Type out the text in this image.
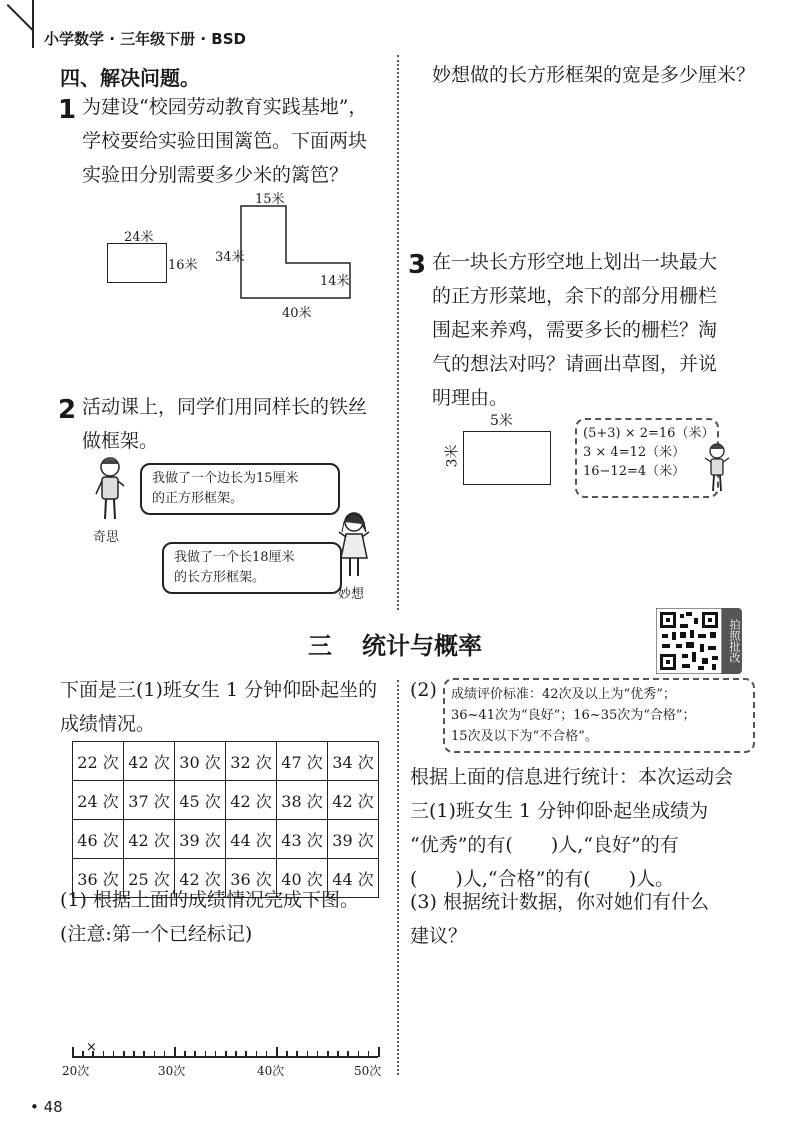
小学数学 · 三年级下册 · BSD
四、解决问题。
1 为建设“校园劳动教育实践基地”，
学校要给实验田围篱笆。下面两块
实验田分别需要多少米的篱笆？
24米
16米
15米
34米
14米
40米
2 活动课上，同学们用同样长的铁丝
做框架。
奇思
我做了一个边长为15厘米
的正方形框架。
我做了一个长18厘米
的长方形框架。
妙想
妙想做的长方形框架的宽是多少厘米？
3 在一块长方形空地上划出一块最大
的正方形菜地，余下的部分用栅栏
围起来养鸡，需要多长的栅栏？淘
气的想法对吗？请画出草图，并说
明理由。
5米
3米
(5+3) × 2=16（米）
3 × 4=12（米）
16−12=4（米）
三 统计与概率	拍照批改
下面是三(1)班女生 1 分钟仰卧起坐的
成绩情况。
22 次	42 次	30 次	32 次	47 次	34 次
24 次	37 次	45 次	42 次	38 次	42 次
46 次	42 次	39 次	44 次	43 次	39 次
36 次	25 次	42 次	36 次	40 次	44 次
(1) 根据上面的成绩情况完成下图。
(注意:第一个已经标记)
×
20次	30次	40次	50次
(2) 成绩评价标准：42次及以上为“优秀”；
36~41次为“良好”；16~35次为“合格”；
15次及以下为“不合格”。
根据上面的信息进行统计：本次运动会
三(1)班女生 1 分钟仰卧起坐成绩为
“优秀”的有(　　)人,“良好”的有
(　　)人,“合格”的有(　　)人。
(3) 根据统计数据，你对她们有什么
建议？
• 48
